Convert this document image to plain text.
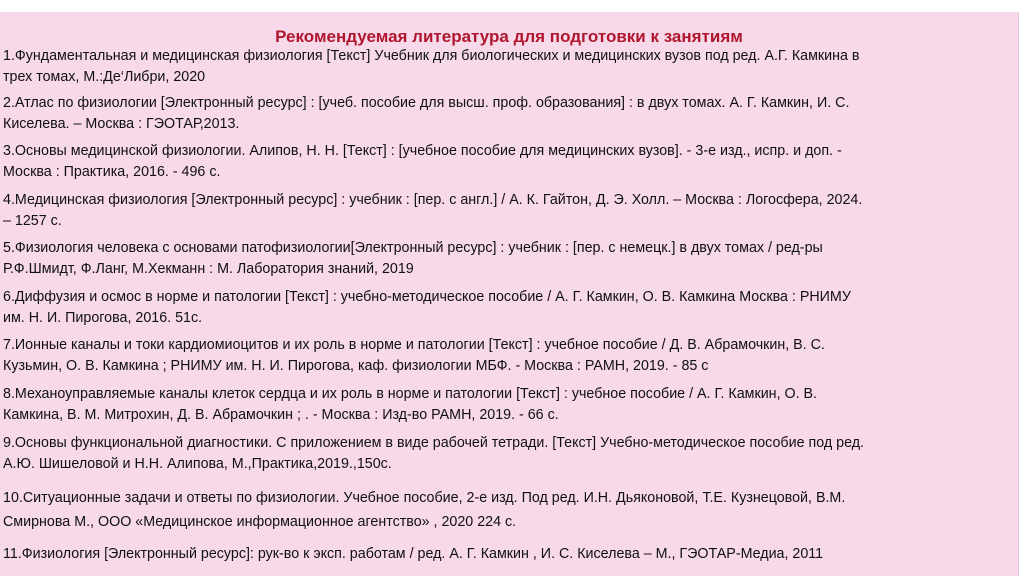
Рекомендуемая литература для подготовки к занятиям
1.Фундаментальная и медицинская физиология [Текст] Учебник для биологических и медицинских вузов под ред. А.Г. Камкина в
трех томах, М.:Де‘Либри, 2020
2.Атлас по физиологии [Электронный ресурс] : [учеб. пособие для высш. проф. образования] : в двух томах. А. Г. Камкин, И. С.
Киселева. – Москва : ГЭОТАР,2013.
3.Основы медицинской физиологии. Алипов, Н. Н. [Текст] : [учебное пособие для медицинских вузов]. - 3-е изд., испр. и доп. -
Москва : Практика, 2016. - 496 с.
4.Медицинская физиология [Электронный ресурс] : учебник : [пер. с англ.] / А. К. Гайтон, Д. Э. Холл. – Москва : Логосфера, 2024.
– 1257 с.
5.Физиология человека с основами патофизиологии[Электронный ресурс] : учебник : [пер. с немецк.] в двух томах / ред-ры
Р.Ф.Шмидт, Ф.Ланг, М.Хекманн : М. Лаборатория знаний, 2019
6.Диффузия и осмос в норме и патологии [Текст] : учебно-методическое пособие / А. Г. Камкин, О. В. Камкина Москва : РНИМУ
им. Н. И. Пирогова, 2016. 51с.
7.Ионные каналы и токи кардиомиоцитов и их роль в норме и патологии [Текст] : учебное пособие / Д. В. Абрамочкин, В. С.
Кузьмин, О. В. Камкина ; РНИМУ им. Н. И. Пирогова, каф. физиологии МБФ. - Москва : РАМН, 2019. - 85 с
8.Механоуправляемые каналы клеток сердца и их роль в норме и патологии [Текст] : учебное пособие / А. Г. Камкин, О. В.
Камкина, В. М. Митрохин, Д. В. Абрамочкин ; . - Москва : Изд-во РАМН, 2019. - 66 с.
9.Основы функциональной диагностики. С приложением в виде рабочей тетради. [Текст] Учебно-методическое пособие под ред.
А.Ю. Шишеловой и Н.Н. Алипова, М.,Практика,2019.,150с.
10.Ситуационные задачи и ответы по физиологии. Учебное пособие, 2-е изд. Под ред. И.Н. Дьяконовой, Т.Е. Кузнецовой, В.М.
Смирнова М., ООО «Медицинское информационное агентство» , 2020 224 с.
11.Физиология [Электронный ресурс]: рук-во к эксп. работам / ред. А. Г. Камкин , И. С. Киселева – М., ГЭОТАР-Медиа, 2011
